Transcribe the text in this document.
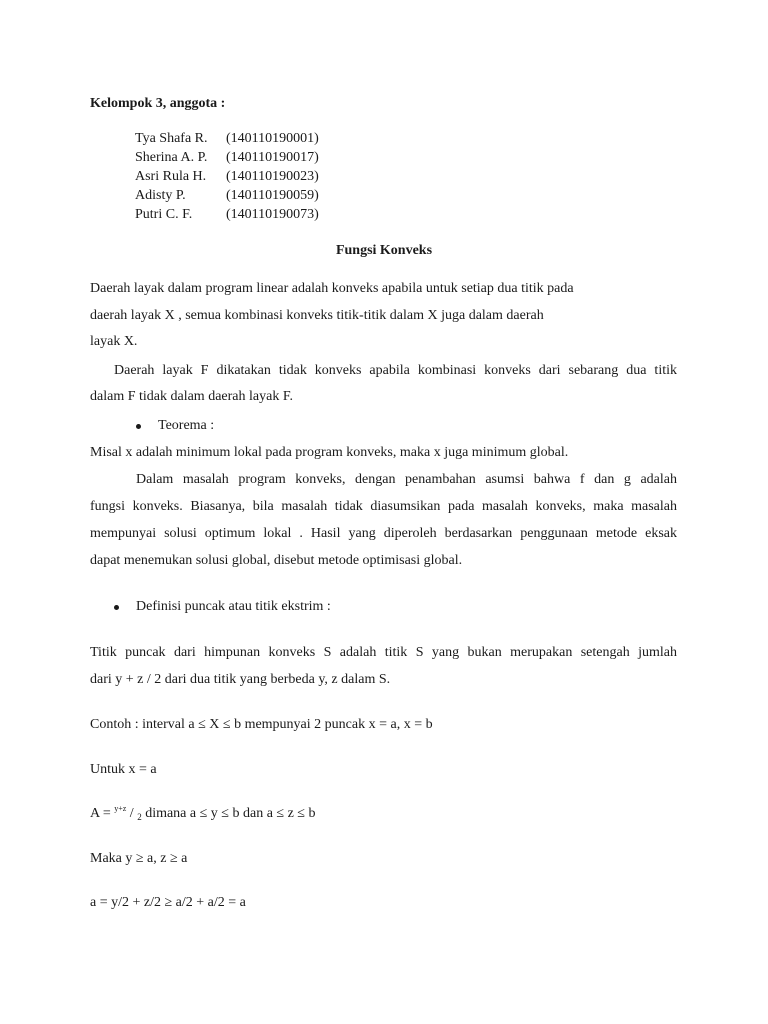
Kelompok 3, anggota :
Tya Shafa R. (140110190001)
Sherina A. P. (140110190017)
Asri Rula H. (140110190023)
Adisty P.	(140110190059)
Putri C. F. (140110190073)
Fungsi Konveks
Daerah layak dalam program linear adalah konveks apabila untuk setiap dua titik pada
daerah layak X , semua kombinasi konveks titik-titik dalam X juga dalam daerah
layak X.
Daerah layak F dikatakan tidak konveks apabila kombinasi konveks dari sebarang dua titik
dalam F tidak dalam daerah layak F.
Teorema :
Misal x adalah minimum lokal pada program konveks, maka x juga minimum global.
Dalam masalah program konveks, dengan penambahan asumsi bahwa f dan g adalah
fungsi konveks. Biasanya, bila masalah tidak diasumsikan pada masalah konveks, maka masalah
mempunyai solusi optimum lokal . Hasil yang diperoleh berdasarkan penggunaan metode eksak
dapat menemukan solusi global, disebut metode optimisasi global.
Definisi puncak atau titik ekstrim :
Titik puncak dari himpunan konveks S adalah titik S yang bukan merupakan setengah jumlah
dari y + z / 2 dari dua titik yang berbeda y, z dalam S.
Contoh : interval a ≤ X ≤ b mempunyai 2 puncak x = a, x = b
Untuk x = a
A = $^{y+z}$ / $_2$ dimana a ≤ y ≤ b dan a ≤ z ≤ b
Maka y ≥ a, z ≥ a
a = y/2 + z/2 ≥ a/2 + a/2 = a
